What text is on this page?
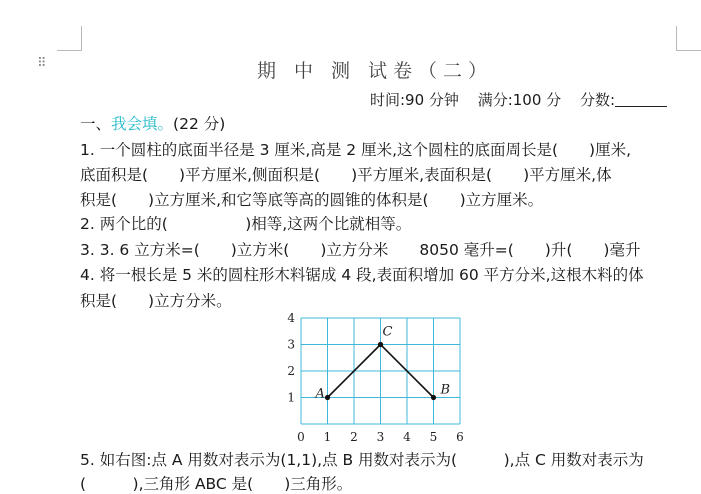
⠿	期 中 测 试卷（二）
时间:90 分钟 满分:100 分 分数:
一、我会填。(22 分)
1. 一个圆柱的底面半径是 3 厘米,高是 2 厘米,这个圆柱的底面周长是(　　)厘米,
底面积是(　　)平方厘米,侧面积是(　　)平方厘米,表面积是(　　)平方厘米,体
积是(　　)立方厘米,和它等底等高的圆锥的体积是(　　)立方厘米。
2. 两个比的(　　　　　)相等,这两个比就相等。
3. 3. 6 立方米=(　　)立方米(　　)立方分米　　8050 毫升=(　　)升(　　)毫升
4. 将一根长是 5 米的圆柱形木料锯成 4 段,表面积增加 60 平方分米,这根木料的体
积是(　　)立方分米。
0 1 2 3 4 5 6
1
2
3
4
A	B
C
5. 如右图:点 A 用数对表示为(1,1),点 B 用数对表示为(　　　),点 C 用数对表示为
(　　　),三角形 ABC 是(　　)三角形。
